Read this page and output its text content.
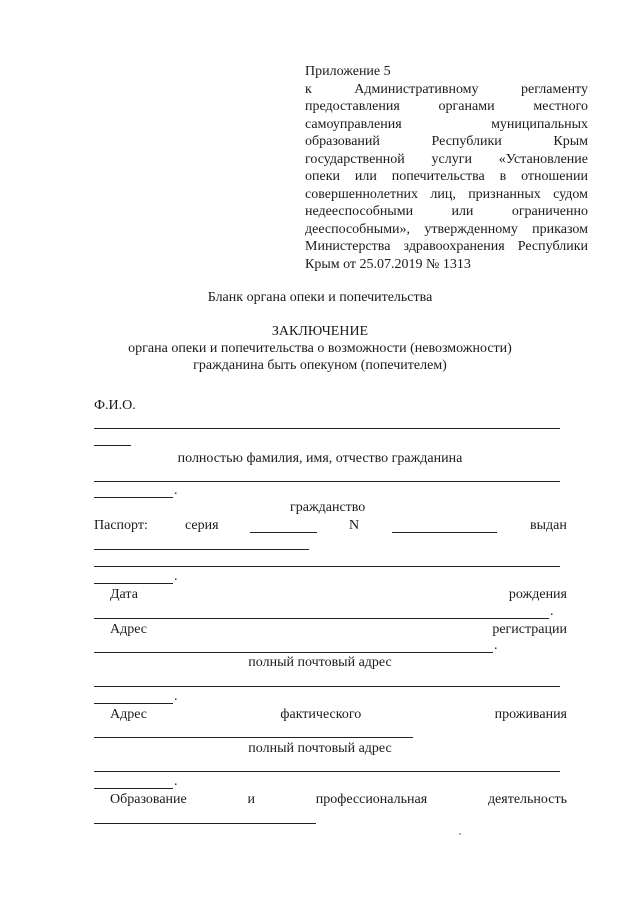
Приложение 5
к Административному регламенту
предоставления органами местного
самоуправления муниципальных
образований Республики Крым
государственной услуги «Установление
опеки или попечительства в отношении
совершеннолетних лиц, признанных судом
недееспособными или ограниченно
дееспособными», утвержденному приказом
Министерства здравоохранения Республики
Крым от 25.07.2019 № 1313
Бланк органа опеки и попечительства
ЗАКЛЮЧЕНИЕ
органа опеки и попечительства о возможности (невозможности)
гражданина быть опекуном (попечителем)
Ф.И.О.
полностью фамилия, имя, отчество гражданина
.
гражданство
Паспорт:	серия	N	выдан
.
Дата	рождения
.
Адрес	регистрации
.
полный почтовый адрес
.
Адрес	фактического	проживания
полный почтовый адрес
.
Образование	и	профессиональная	деятельность
